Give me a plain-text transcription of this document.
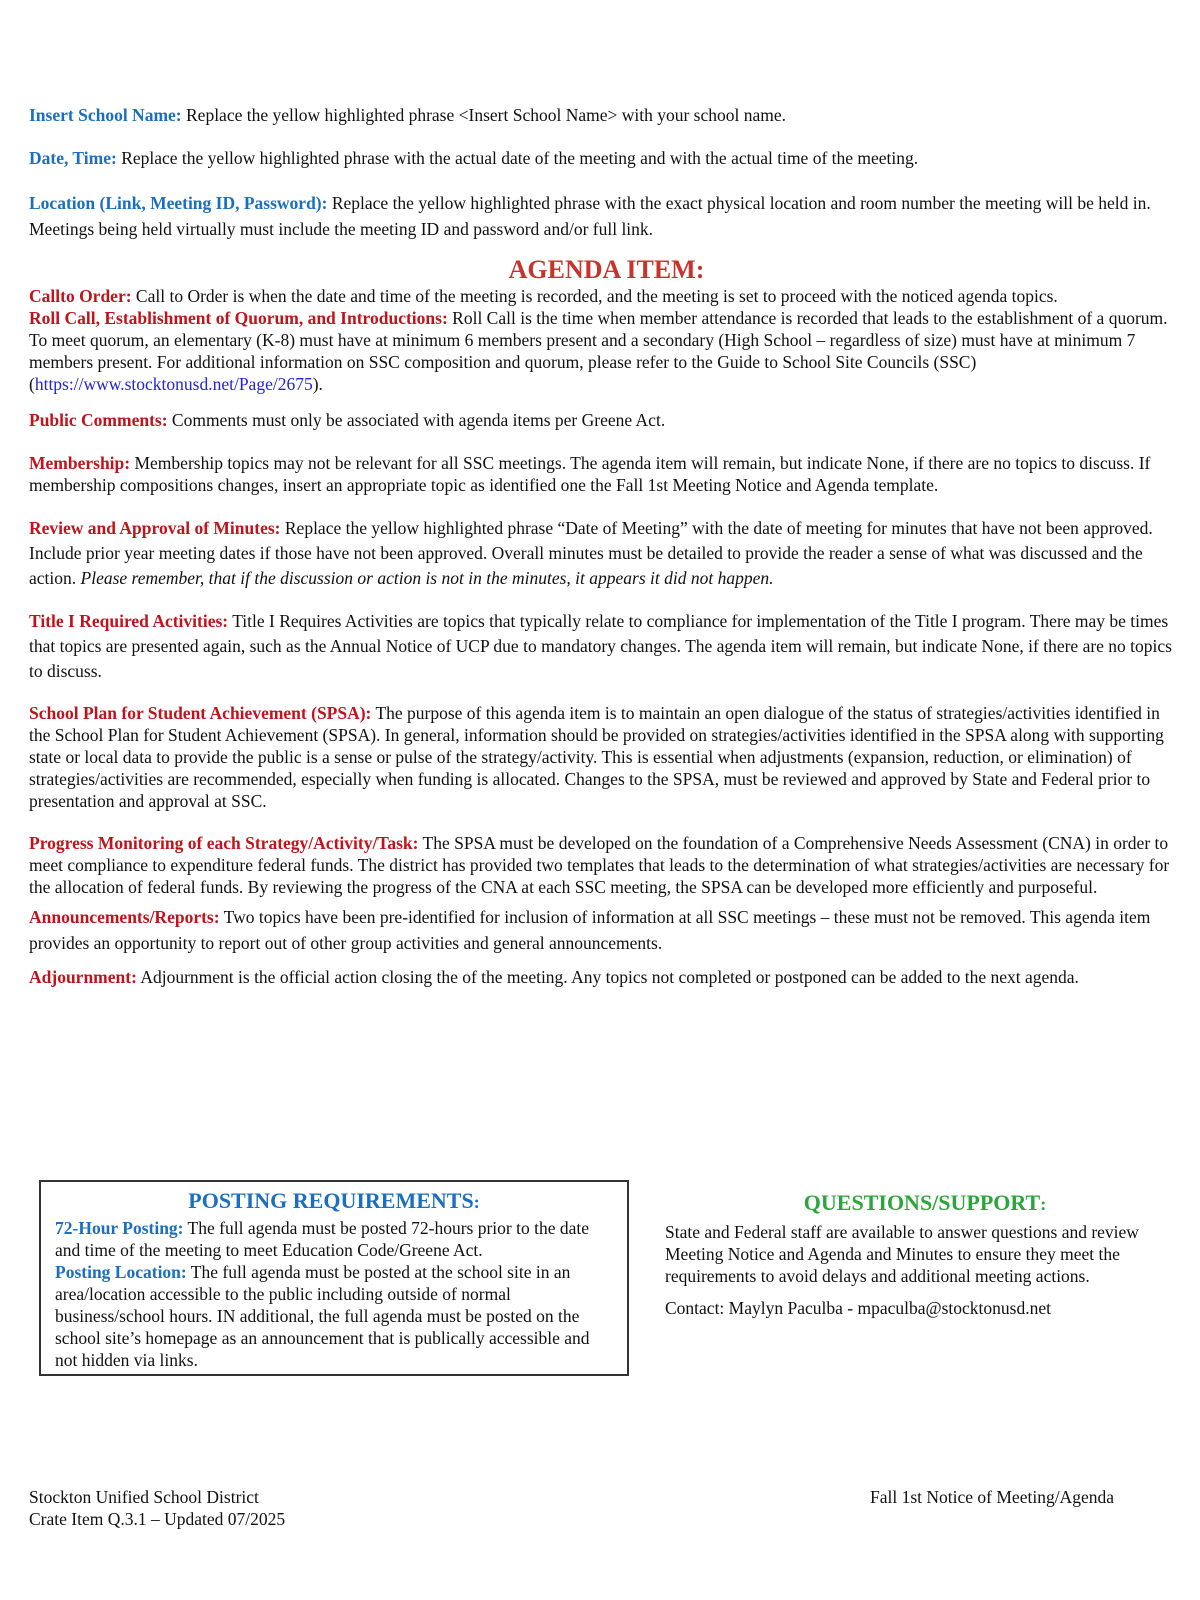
Insert School Name: Replace the yellow highlighted phrase <Insert School Name> with your school name.

Date, Time: Replace the yellow highlighted phrase with the actual date of the meeting and with the actual time of the meeting.

Location (Link, Meeting ID, Password): Replace the yellow highlighted phrase with the exact physical location and room number the meeting will be held in. Meetings being held virtually must include the meeting ID and password and/or full link.

AGENDA ITEM:

Callto Order: Call to Order is when the date and time of the meeting is recorded, and the meeting is set to proceed with the noticed agenda topics.

Roll Call, Establishment of Quorum, and Introductions: Roll Call is the time when member attendance is recorded that leads to the establishment of a quorum. To meet quorum, an elementary (K-8) must have at minimum 6 members present and a secondary (High School – regardless of size) must have at minimum 7 members present. For additional information on SSC composition and quorum, please refer to the Guide to School Site Councils (SSC) (https://www.stocktonusd.net/Page/2675).

Public Comments: Comments must only be associated with agenda items per Greene Act.

Membership: Membership topics may not be relevant for all SSC meetings. The agenda item will remain, but indicate None, if there are no topics to discuss. If membership compositions changes, insert an appropriate topic as identified one the Fall 1st Meeting Notice and Agenda template.

Review and Approval of Minutes: Replace the yellow highlighted phrase “Date of Meeting” with the date of meeting for minutes that have not been approved. Include prior year meeting dates if those have not been approved. Overall minutes must be detailed to provide the reader a sense of what was discussed and the action. Please remember, that if the discussion or action is not in the minutes, it appears it did not happen.

Title I Required Activities: Title I Requires Activities are topics that typically relate to compliance for implementation of the Title I program. There may be times that topics are presented again, such as the Annual Notice of UCP due to mandatory changes. The agenda item will remain, but indicate None, if there are no topics to discuss.

School Plan for Student Achievement (SPSA): The purpose of this agenda item is to maintain an open dialogue of the status of strategies/activities identified in the School Plan for Student Achievement (SPSA). In general, information should be provided on strategies/activities identified in the SPSA along with supporting state or local data to provide the public is a sense or pulse of the strategy/activity. This is essential when adjustments (expansion, reduction, or elimination) of strategies/activities are recommended, especially when funding is allocated. Changes to the SPSA, must be reviewed and approved by State and Federal prior to presentation and approval at SSC.

Progress Monitoring of each Strategy/Activity/Task: The SPSA must be developed on the foundation of a Comprehensive Needs Assessment (CNA) in order to meet compliance to expenditure federal funds. The district has provided two templates that leads to the determination of what strategies/activities are necessary for the allocation of federal funds. By reviewing the progress of the CNA at each SSC meeting, the SPSA can be developed more efficiently and purposeful.

Announcements/Reports: Two topics have been pre-identified for inclusion of information at all SSC meetings – these must not be removed. This agenda item provides an opportunity to report out of other group activities and general announcements.

Adjournment: Adjournment is the official action closing the of the meeting. Any topics not completed or postponed can be added to the next agenda.

POSTING REQUIREMENTS:

72-Hour Posting: The full agenda must be posted 72-hours prior to the date and time of the meeting to meet Education Code/Greene Act.

Posting Location: The full agenda must be posted at the school site in an area/location accessible to the public including outside of normal business/school hours. IN additional, the full agenda must be posted on the school site’s homepage as an announcement that is publically accessible and not hidden via links.

QUESTIONS/SUPPORT:

State and Federal staff are available to answer questions and review Meeting Notice and Agenda and Minutes to ensure they meet the requirements to avoid delays and additional meeting actions.

Contact: Maylyn Paculba - mpaculba@stocktonusd.net

Stockton Unified School District
Crate Item Q.3.1 – Updated 07/2025
Fall 1st Notice of Meeting/Agenda
